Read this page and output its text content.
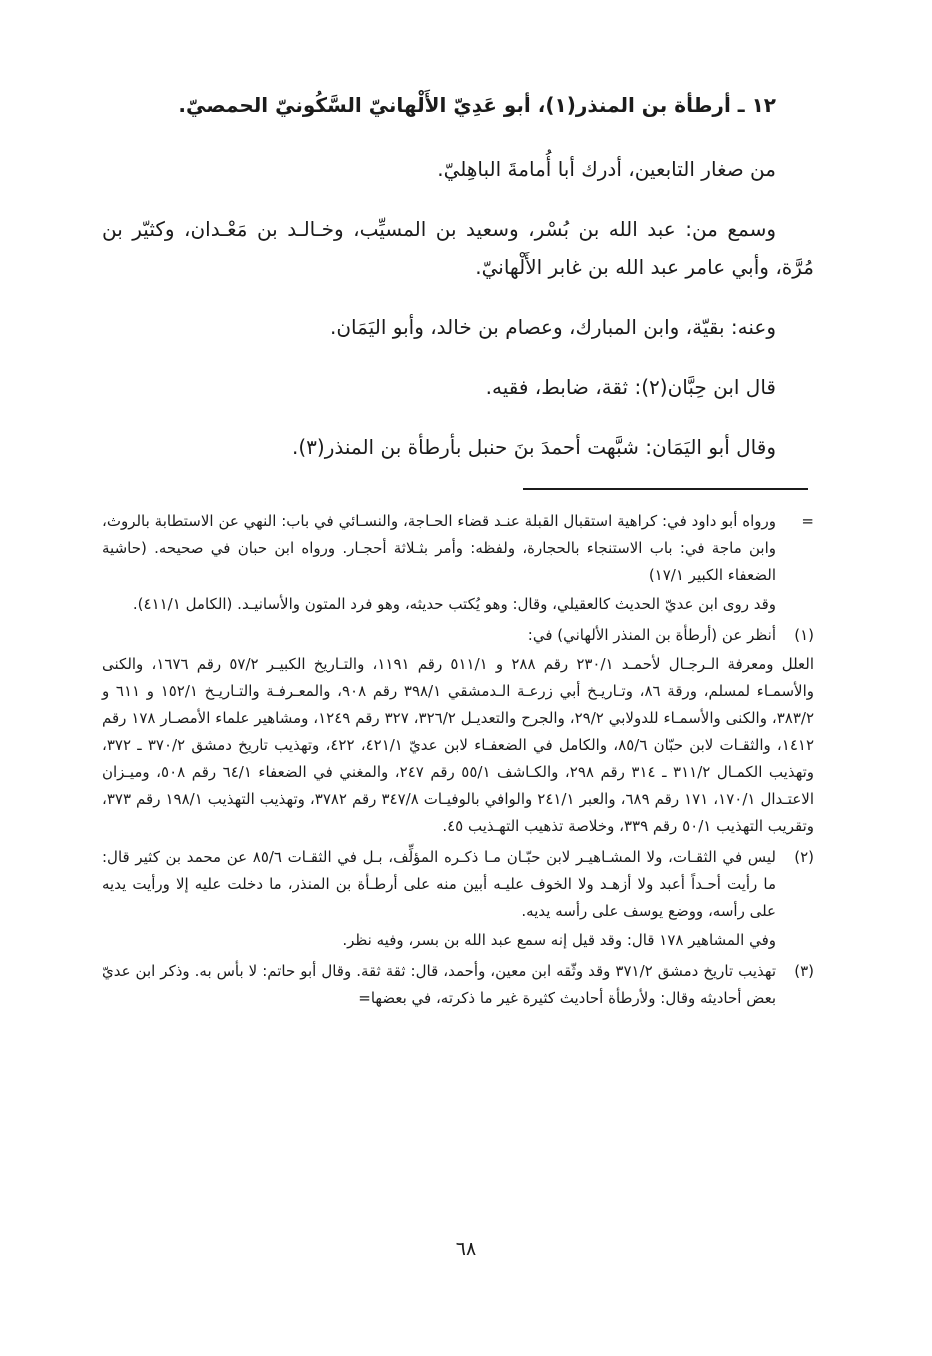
١٢ ـ أرطأة بن المنذر(١)، أبو عَدِيّ الأَلْهانيّ السَّكُونيّ الحمصيّ.

من صغار التابعين، أدرك أبا أُمامةَ الباهِليّ.

وسمع من: عبد الله بن بُسْر، وسعيد بن المسيِّب، وخـالـد بن مَعْـدان، وكثيّر بن مُرَّة، وأبي عامر عبد الله بن غابر الأَلْهانيّ.

وعنه: بقيّة، وابن المبارك، وعصام بن خالد، وأبو اليَمَان.

قال ابن حِبَّان(٢): ثقة، ضابط، فقيه.

وقال أبو اليَمَان: شبَّهت أحمدَ بنَ حنبل بأرطأة بن المنذر(٣).

=

ورواه أبو داود في: كراهية استقبال القبلة عنـد قضاء الحـاجة، والنسـائي في باب: النهي عن الاستطابة بالروث، وابن ماجة في: باب الاستنجاء بالحجارة، ولفظه: وأمر بثـلاثة أحجـار. ورواه ابن حبان في صحيحه. (حاشية الضعفاء الكبير ١٧/١)

وقد روى ابن عديّ الحديث كالعقيلي، وقال: وهو يُكتب حديثه، وهو فرد المتون والأسانيـد. (الكامل ٤١١/١).

(١)

أنظر عن (أرطأة بن المنذر الألهاني) في:

العلل ومعرفة الـرجـال لأحمـد ٢٣٠/١ رقم ٢٨٨ و ٥١١/١ رقم ١١٩١، والتـاريخ الكبيـر ٥٧/٢ رقم ١٦٧٦، والكنى والأسمـاء لمسلم، ورقة ٨٦، وتـاريـخ أبي زرعـة الـدمشقي ٣٩٨/١ رقم ٩٠٨، والمعـرفـة والتـاريـخ ١٥٢/١ و ٦١١ و ٣٨٣/٢، والكنى والأسمـاء للدولابي ٢٩/٢، والجرح والتعديـل ٣٢٦/٢، ٣٢٧ رقم ١٢٤٩، ومشاهير علماء الأمصـار ١٧٨ رقم ١٤١٢، والثقـات لابن حبّان ٨٥/٦، والكامل في الضعفـاء لابن عديّ ٤٢١/١، ٤٢٢، وتهذيب تاريخ دمشق ٣٧٠/٢ ـ ٣٧٢، وتهذيب الكمـال ٣١١/٢ ـ ٣١٤ رقم ٢٩٨، والكـاشف ٥٥/١ رقم ٢٤٧، والمغني في الضعفاء ٦٤/١ رقم ٥٠٨، وميـزان الاعتـدال ١٧٠/١، ١٧١ رقم ٦٨٩، والعبر ٢٤١/١ والوافي بالوفيـات ٣٤٧/٨ رقم ٣٧٨٢، وتهذيب التهذيب ١٩٨/١ رقم ٣٧٣، وتقريب التهذيب ٥٠/١ رقم ٣٣٩، وخلاصة تذهيب التهـذيب ٤٥.

(٢)

ليس في الثقـات، ولا المشـاهيـر لابن حبّـان مـا ذكـره المؤلِّف، بـل في الثقـات ٨٥/٦ عن محمد بن كثير قال: ما رأيت أحـداً أعبد ولا أزهـد ولا الخوف عليـه أبين منه على أرطـأة بن المنذر، ما دخلت عليه إلا ورأيت يديه على رأسه، ووضع يوسف على رأسه يديه.

وفي المشاهير ١٧٨ قال: وقد قيل إنه سمع عبد الله بن بسر، وفيه نظر.

(٣)

تهذيب تاريخ دمشق ٣٧١/٢ وقد وثّقه ابن معين، وأحمد، قال: ثقة ثقة. وقال أبو حاتم: لا بأس به. وذكر ابن عديّ بعض أحاديثه وقال: ولأرطأة أحاديث كثيرة غير ما ذكرته، في بعضها=

٦٨
